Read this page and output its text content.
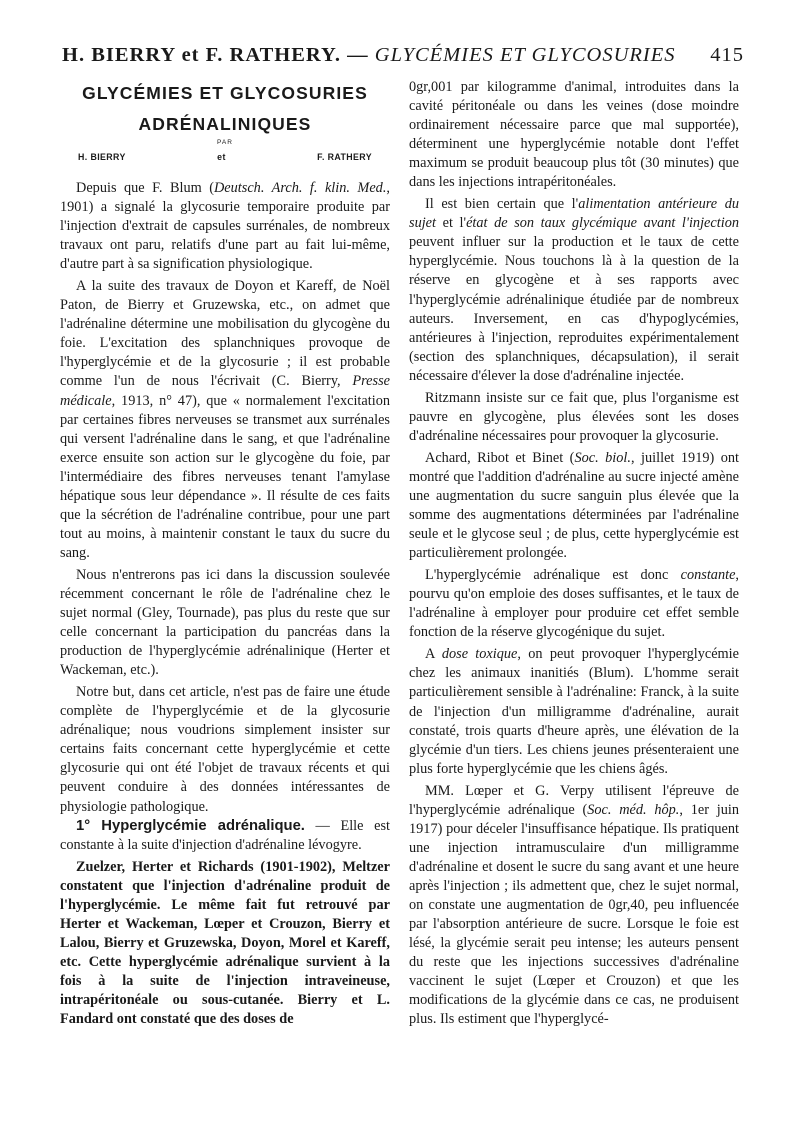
H. BIERRY et F. RATHERY. — GLYCÉMIES ET GLYCOSURIES 415
GLYCÉMIES ET GLYCOSURIES
ADRÉNALINIQUES
PAR
H. BIERRY	et	F. RATHERY

Depuis que F. Blum (Deutsch. Arch. f. klin. Med., 1901) a signalé la glycosurie temporaire produite par l'injection d'extrait de capsules surrénales, de nombreux travaux ont paru, relatifs d'une part au fait lui-même, d'autre part à sa signification physiologique.

A la suite des travaux de Doyon et Kareff, de Noël Paton, de Bierry et Gruzewska, etc., on admet que l'adrénaline détermine une mobilisation du glycogène du foie. L'excitation des splanchniques provoque de l'hyperglycémie et de la glycosurie ; il est probable comme l'un de nous l'écrivait (C. Bierry, Presse médicale, 1913, n° 47), que « normalement l'excitation par certaines fibres nerveuses se transmet aux surrénales qui versent l'adrénaline dans le sang, et que l'adrénaline exerce ensuite son action sur le glycogène du foie, par l'intermédiaire des fibres nerveuses tenant l'amylase hépatique sous leur dépendance ». Il résulte de ces faits que la sécrétion de l'adrénaline contribue, pour une part tout au moins, à maintenir constant le taux du sucre du sang.

Nous n'entrerons pas ici dans la discussion soulevée récemment concernant le rôle de l'adrénaline chez le sujet normal (Gley, Tournade), pas plus du reste que sur celle concernant la participation du pancréas dans la production de l'hyperglycémie adrénalinique (Herter et Wackeman, etc.).

Notre but, dans cet article, n'est pas de faire une étude complète de l'hyperglycémie et de la glycosurie adrénalique; nous voudrions simplement insister sur certains faits concernant cette hyperglycémie et cette glycosurie qui ont été l'objet de travaux récents et qui peuvent conduire à des données intéressantes de physiologie pathologique.

1° Hyperglycémie adrénalique. — Elle est constante à la suite d'injection d'adrénaline lévogyre.

Zuelzer, Herter et Richards (1901-1902), Meltzer constatent que l'injection d'adrénaline produit de l'hyperglycémie. Le même fait fut retrouvé par Herter et Wackeman, Lœper et Crouzon, Bierry et Lalou, Bierry et Gruzewska, Doyon, Morel et Kareff, etc. Cette hyperglycémie adrénalique survient à la fois à la suite de l'injection intraveineuse, intrapéritonéale ou sous-cutanée. Bierry et L. Fandard ont constaté que des doses de

0gr,001 par kilogramme d'animal, introduites dans la cavité péritonéale ou dans les veines (dose moindre ordinairement nécessaire parce que mal supportée), déterminent une hyperglycémie notable dont l'effet maximum se produit beaucoup plus tôt (30 minutes) que dans les injections intrapéritonéales.

Il est bien certain que l'alimentation antérieure du sujet et l'état de son taux glycémique avant l'injection peuvent influer sur la production et le taux de cette hyperglycémie. Nous touchons là à la question de la réserve en glycogène et à ses rapports avec l'hyperglycémie adrénalinique étudiée par de nombreux auteurs. Inversement, en cas d'hypoglycémies, antérieures à l'injection, reproduites expérimentalement (section des splanchniques, décapsulation), il serait nécessaire d'élever la dose d'adrénaline injectée.

Ritzmann insiste sur ce fait que, plus l'organisme est pauvre en glycogène, plus élevées sont les doses d'adrénaline nécessaires pour provoquer la glycosurie.

Achard, Ribot et Binet (Soc. biol., juillet 1919) ont montré que l'addition d'adrénaline au sucre injecté amène une augmentation du sucre sanguin plus élevée que la somme des augmentations déterminées par l'adrénaline seule et le glycose seul ; de plus, cette hyperglycémie est particulièrement prolongée.

L'hyperglycémie adrénalique est donc constante, pourvu qu'on emploie des doses suffisantes, et le taux de l'adrénaline à employer pour produire cet effet semble fonction de la réserve glycogénique du sujet.

A dose toxique, on peut provoquer l'hyperglycémie chez les animaux inanitiés (Blum). L'homme serait particulièrement sensible à l'adrénaline: Franck, à la suite de l'injection d'un milligramme d'adrénaline, aurait constaté, trois quarts d'heure après, une élévation de la glycémie d'un tiers. Les chiens jeunes présenteraient une plus forte hyperglycémie que les chiens âgés.

MM. Lœper et G. Verpy utilisent l'épreuve de l'hyperglycémie adrénalique (Soc. méd. hôp., 1er juin 1917) pour déceler l'insuffisance hépatique. Ils pratiquent une injection intramusculaire d'un milligramme d'adrénaline et dosent le sucre du sang avant et une heure après l'injection ; ils admettent que, chez le sujet normal, on constate une augmentation de 0gr,40, peu influencée par l'absorption antérieure de sucre. Lorsque le foie est lésé, la glycémie serait peu intense; les auteurs pensent du reste que les injections successives d'adrénaline vaccinent le sujet (Lœper et Crouzon) et que les modifications de la glycémie dans ce cas, ne produisent plus. Ils estiment que l'hyperglycé-
